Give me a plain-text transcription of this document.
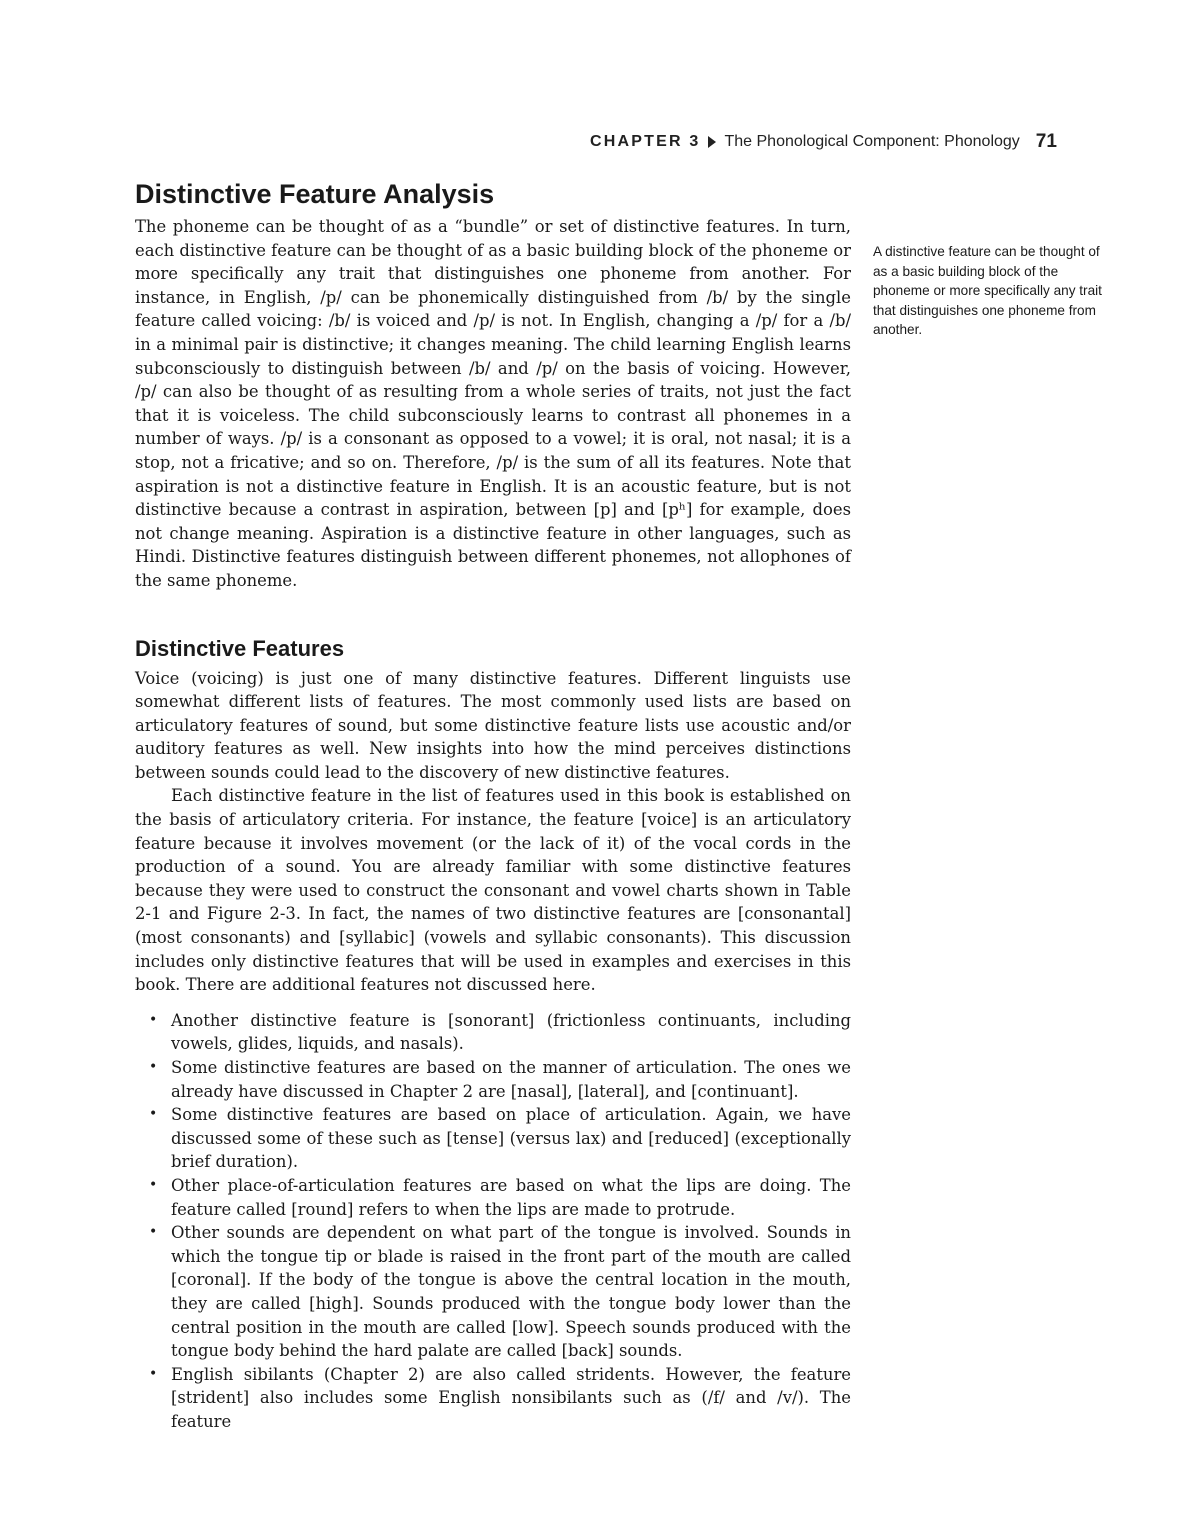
CHAPTER 3 The Phonological Component: Phonology 71
Distinctive Feature Analysis

The phoneme can be thought of as a “bundle” or set of distinctive features. In turn, each distinctive feature can be thought of as a basic building block of the phoneme or more specifically any trait that distinguishes one phoneme from another. For instance, in English, /p/ can be phonemically distinguished from /b/ by the single feature called voicing: /b/ is voiced and /p/ is not. In English, changing a /p/ for a /b/ in a minimal pair is distinctive; it changes meaning. The child learning English learns subconsciously to distinguish between /b/ and /p/ on the basis of voicing. However, /p/ can also be thought of as resulting from a whole series of traits, not just the fact that it is voiceless. The child subconsciously learns to contrast all phonemes in a number of ways. /p/ is a consonant as opposed to a vowel; it is oral, not nasal; it is a stop, not a fricative; and so on. Therefore, /p/ is the sum of all its features. Note that aspiration is not a distinctive feature in English. It is an acoustic feature, but is not distinctive because a contrast in aspiration, between [p] and [pʰ] for example, does not change meaning. Aspiration is a distinctive feature in other languages, such as Hindi. Distinctive features distinguish between different phonemes, not allophones of the same phoneme.

Distinctive Features

Voice (voicing) is just one of many distinctive features. Different linguists use somewhat different lists of features. The most commonly used lists are based on articulatory features of sound, but some distinctive feature lists use acoustic and/or auditory features as well. New insights into how the mind perceives distinctions between sounds could lead to the discovery of new distinctive features.

Each distinctive feature in the list of features used in this book is established on the basis of articulatory criteria. For instance, the feature [voice] is an articulatory feature because it involves movement (or the lack of it) of the vocal cords in the production of a sound. You are already familiar with some distinctive features because they were used to construct the consonant and vowel charts shown in Table 2-1 and Figure 2-3. In fact, the names of two distinctive features are [consonantal] (most consonants) and [syllabic] (vowels and syllabic consonants). This discussion includes only distinctive features that will be used in examples and exercises in this book. There are additional features not discussed here.

• Another distinctive feature is [sonorant] (frictionless continuants, including vowels, glides, liquids, and nasals).
• Some distinctive features are based on the manner of articulation. The ones we already have discussed in Chapter 2 are [nasal], [lateral], and [continuant].
• Some distinctive features are based on place of articulation. Again, we have discussed some of these such as [tense] (versus lax) and [reduced] (exceptionally brief duration).
• Other place-of-articulation features are based on what the lips are doing. The feature called [round] refers to when the lips are made to protrude.
• Other sounds are dependent on what part of the tongue is involved. Sounds in which the tongue tip or blade is raised in the front part of the mouth are called [coronal]. If the body of the tongue is above the central location in the mouth, they are called [high]. Sounds produced with the tongue body lower than the central position in the mouth are called [low]. Speech sounds produced with the tongue body behind the hard palate are called [back] sounds.
• English sibilants (Chapter 2) are also called stridents. However, the feature [strident] also includes some English nonsibilants such as (/f/ and /v/). The feature
A distinctive feature can be thought of as a basic building block of the phoneme or more specifically any trait that distinguishes one phoneme from another.
